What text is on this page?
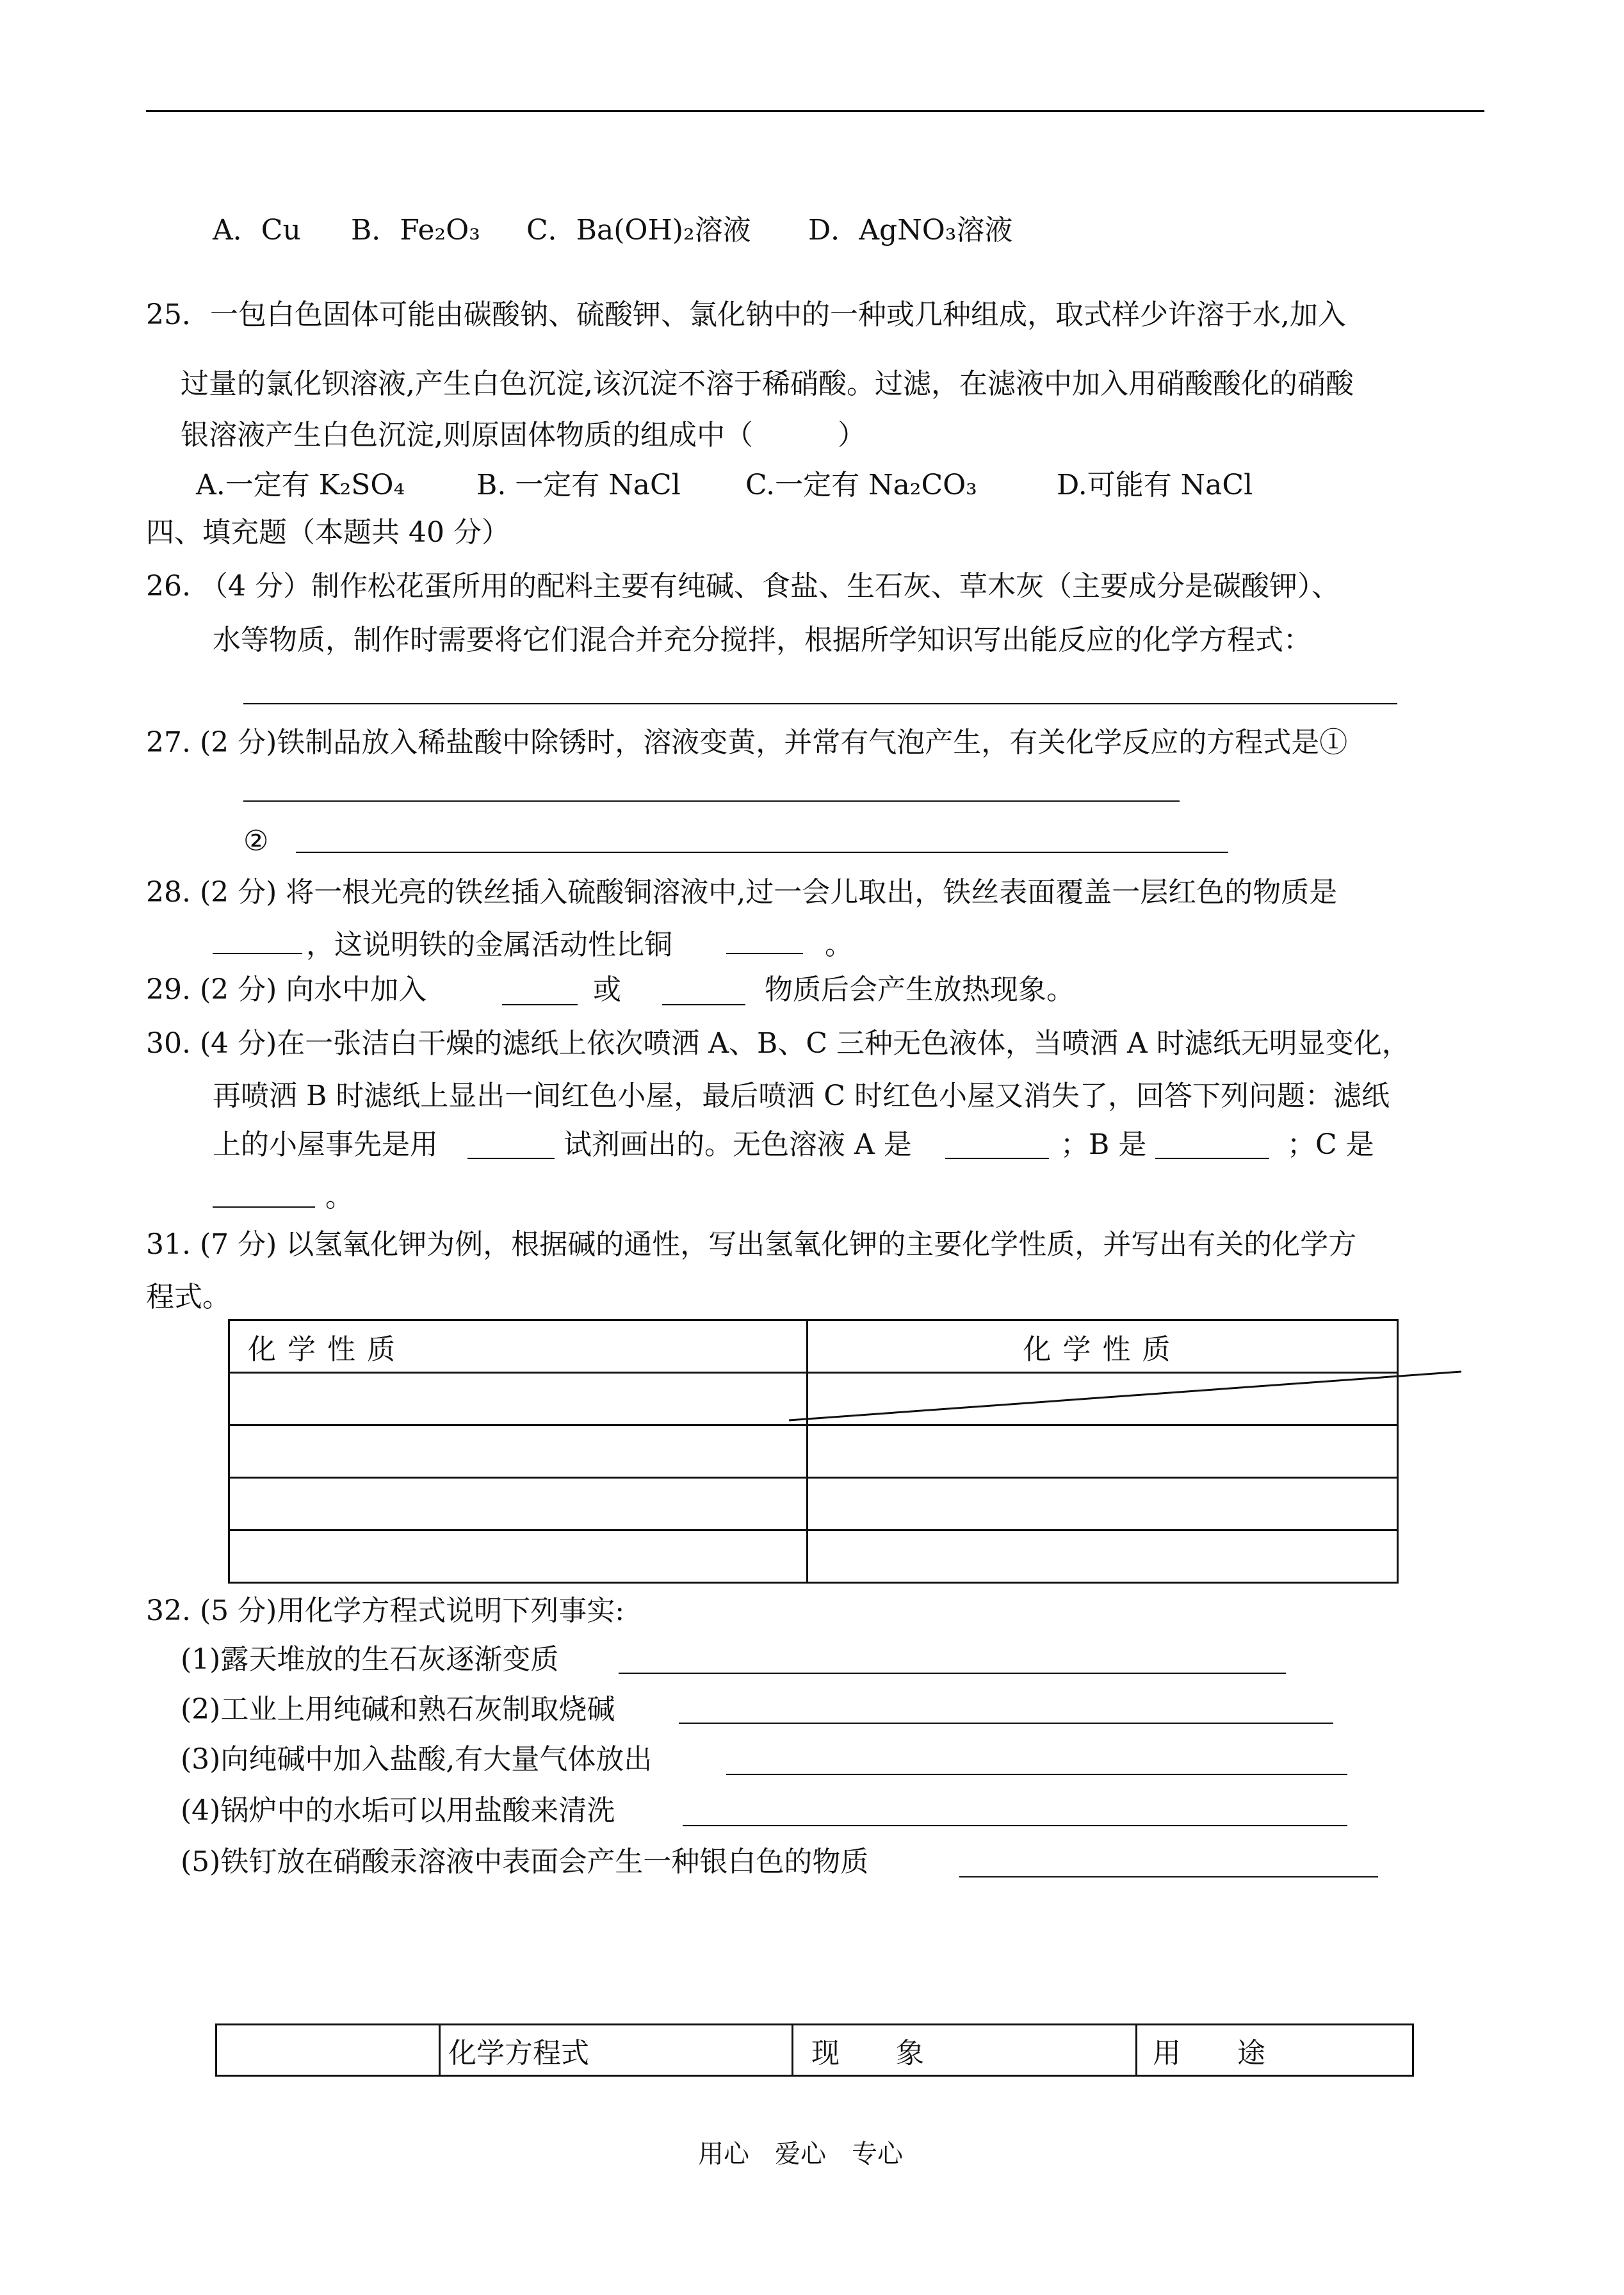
A．Cu B．Fe₂O₃ C．Ba(OH)₂溶液 D．AgNO₃溶液
25．一包白色固体可能由碳酸钠、硫酸钾、氯化钠中的一种或几种组成，取式样少许溶于水,加入
过量的氯化钡溶液,产生白色沉淀,该沉淀不溶于稀硝酸。过滤，在滤液中加入用硝酸酸化的硝酸
银溶液产生白色沉淀,则原固体物质的组成中（　　　）
A.一定有 K₂SO₄	B. 一定有 NaCl C.一定有 Na₂CO₃	D.可能有 NaCl
四、填充题（本题共 40 分）
26. （4 分）制作松花蛋所用的配料主要有纯碱、食盐、生石灰、草木灰（主要成分是碳酸钾）、
水等物质，制作时需要将它们混合并充分搅拌，根据所学知识写出能反应的化学方程式：
27. (2 分)铁制品放入稀盐酸中除锈时，溶液变黄，并常有气泡产生，有关化学反应的方程式是①
②
28. (2 分) 将一根光亮的铁丝插入硫酸铜溶液中,过一会儿取出，铁丝表面覆盖一层红色的物质是
，这说明铁的金属活动性比铜	。
29. (2 分) 向水中加入	或	物质后会产生放热现象。
30. (4 分)在一张洁白干燥的滤纸上依次喷洒 A、B、C 三种无色液体，当喷洒 A 时滤纸无明显变化，
再喷洒 B 时滤纸上显出一间红色小屋，最后喷洒 C 时红色小屋又消失了，回答下列问题：滤纸
上的小屋事先是用	试剂画出的。无色溶液 A 是	；B 是	；C 是
。
31. (7 分) 以氢氧化钾为例，根据碱的通性，写出氢氧化钾的主要化学性质，并写出有关的化学方
程式。
化学性质	化学性质

32. (5 分)用化学方程式说明下列事实:
(1)露天堆放的生石灰逐渐变质
(2)工业上用纯碱和熟石灰制取烧碱
(3)向纯碱中加入盐酸,有大量气体放出
(4)锅炉中的水垢可以用盐酸来清洗
(5)铁钉放在硝酸汞溶液中表面会产生一种银白色的物质
	化学方程式	现　　象	用　　途
用心　爱心　专心
